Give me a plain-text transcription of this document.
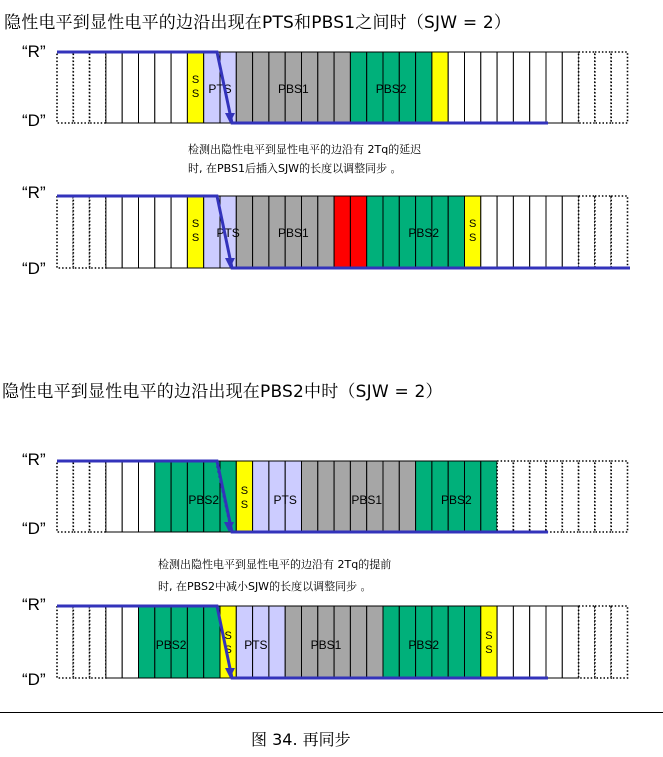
隐性电平到显性电平的边沿出现在PTS和PBS1之间时（SJW = 2）
“R”
“D”
S
S PTS	PBS1	PBS2
S
S PTS	PBS1	PBS2
S
S
PBS2
S
S PTS	PBS1	PBS2
PBS2
S
S PTS	PBS1	PBS2
S
S
检测出隐性电平到显性电平的边沿有 2Tq的延迟
时, 在PBS1后插入SJW的长度以调整同步 。
“R”
“D”
隐性电平到显性电平的边沿出现在PBS2中时（SJW = 2）
“R”
“D”
检测出隐性电平到显性电平的边沿有 2Tq的提前
时, 在PBS2中减小SJW的长度以调整同步 。
“R”
“D”
图 34. 再同步
